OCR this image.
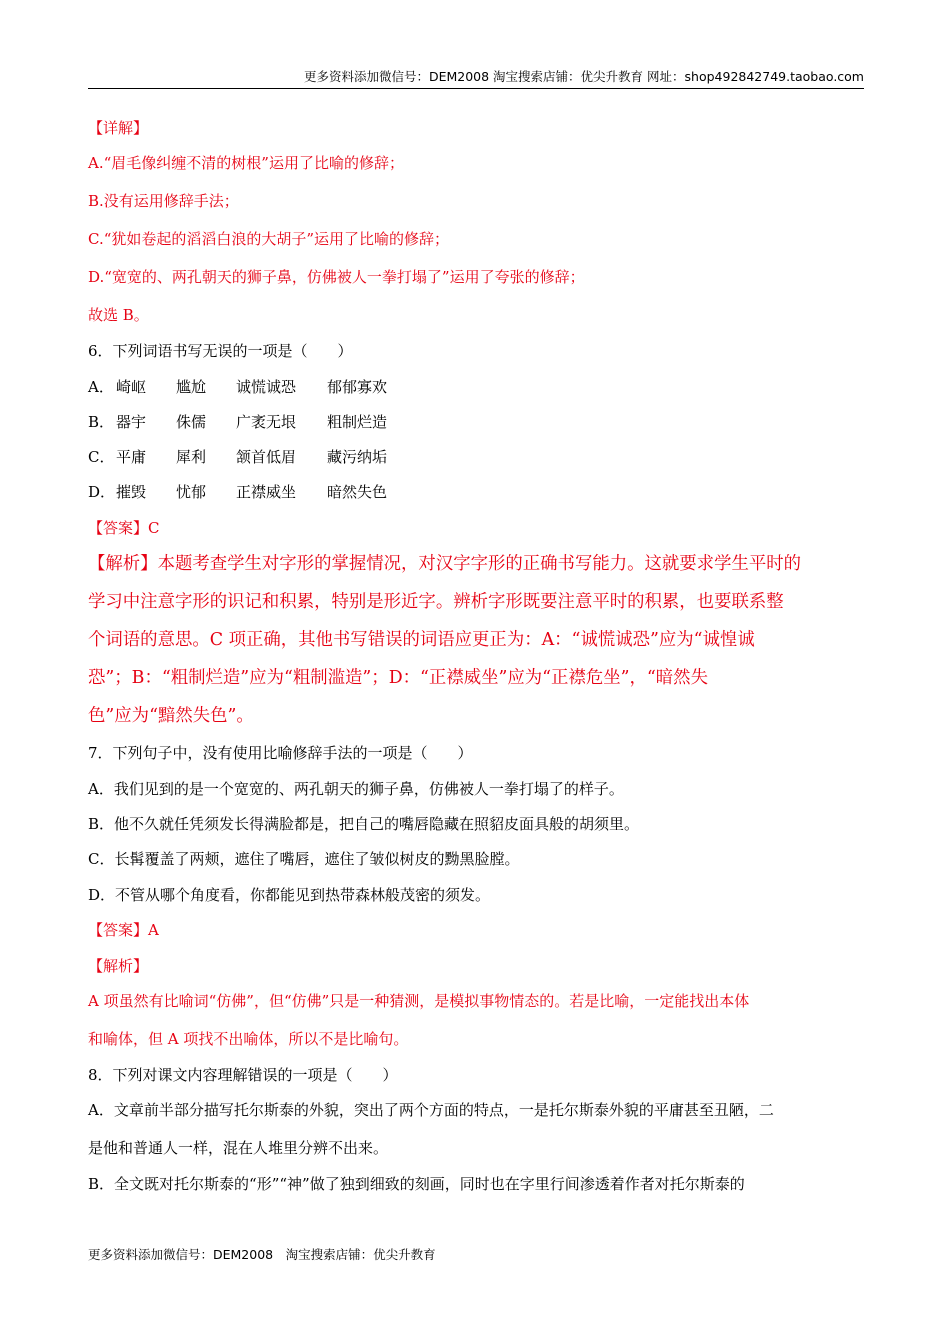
更多资料添加微信号：DEM2008 淘宝搜索店铺：优尖升教育 网址：shop492842749.taobao.com
【详解】
A.“眉毛像纠缠不清的树根”运用了比喻的修辞；
B.没有运用修辞手法；
C.“犹如卷起的滔滔白浪的大胡子”运用了比喻的修辞；
D.“宽宽的、两孔朝天的狮子鼻，仿佛被人一拳打塌了”运用了夸张的修辞；
故选 B。
6．下列词语书写无误的一项是（　　）
A． 崎岖 尴尬 诚慌诚恐 郁郁寡欢
B． 器宇 侏儒 广袤无垠 粗制烂造
C． 平庸 犀利 颔首低眉 藏污纳垢
D．摧毁 忧郁 正襟威坐 暗然失色
【答案】C
【解析】本题考查学生对字形的掌握情况，对汉字字形的正确书写能力。这就要求学生平时的
学习中注意字形的识记和积累，特别是形近字。辨析字形既要注意平时的积累，也要联系整
个词语的意思。C 项正确，其他书写错误的词语应更正为：A：“诚慌诚恐”应为“诚惶诚
恐”；B：“粗制烂造”应为“粗制滥造”；D：“正襟威坐”应为“正襟危坐”，“暗然失
色”应为“黯然失色”。
7．下列句子中，没有使用比喻修辞手法的一项是（　　）
A．我们见到的是一个宽宽的、两孔朝天的狮子鼻，仿佛被人一拳打塌了的样子。
B．他不久就任凭须发长得满脸都是，把自己的嘴唇隐藏在照貂皮面具般的胡须里。
C．长髯覆盖了两颊，遮住了嘴唇，遮住了皱似树皮的黝黑脸膛。
D．不管从哪个角度看，你都能见到热带森林般茂密的须发。
【答案】A
【解析】
A 项虽然有比喻词“仿佛”，但“仿佛”只是一种猜测，是模拟事物情态的。若是比喻，一定能找出本体
和喻体，但 A 项找不出喻体，所以不是比喻句。
8．下列对课文内容理解错误的一项是（　　）
A．文章前半部分描写托尔斯泰的外貌，突出了两个方面的特点，一是托尔斯泰外貌的平庸甚至丑陋，二
是他和普通人一样，混在人堆里分辨不出来。
B．全文既对托尔斯泰的“形”“神”做了独到细致的刻画，同时也在字里行间渗透着作者对托尔斯泰的
更多资料添加微信号：DEM2008　淘宝搜索店铺：优尖升教育
